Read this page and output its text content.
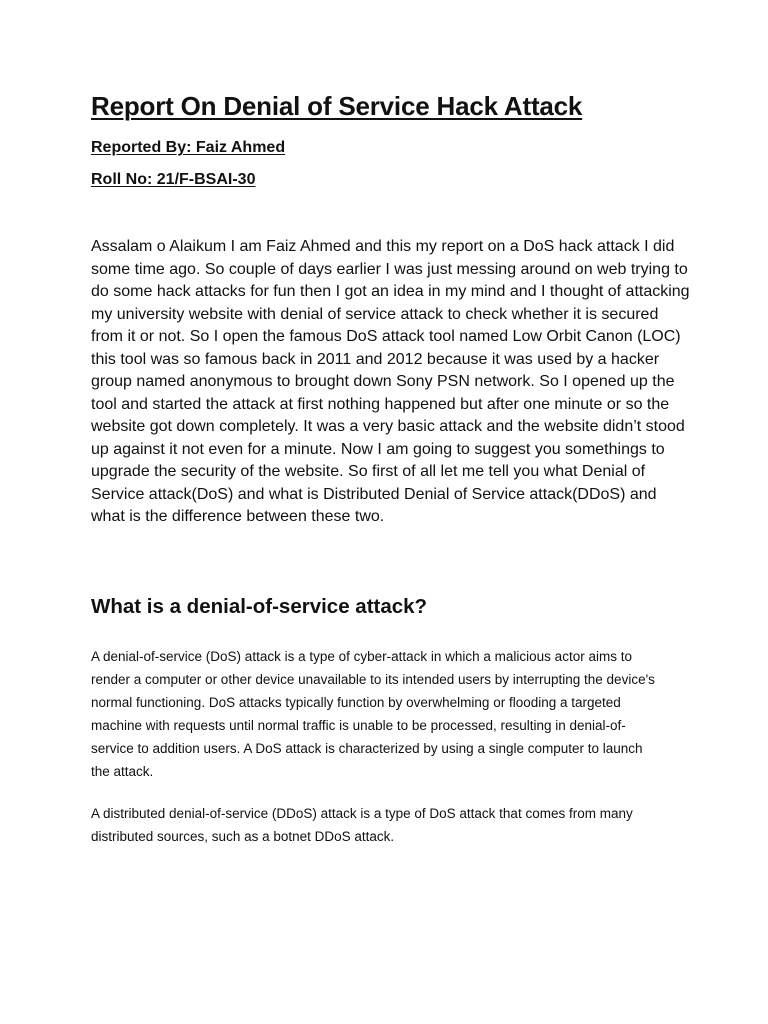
Report On Denial of Service Hack Attack

Reported By: Faiz Ahmed

Roll No: 21/F-BSAI-30

Assalam o Alaikum I am Faiz Ahmed and this my report on a DoS hack attack I did some time ago. So couple of days earlier I was just messing around on web trying to do some hack attacks for fun then I got an idea in my mind and I thought of attacking my university website with denial of service attack to check whether it is secured from it or not. So I open the famous DoS attack tool named Low Orbit Canon (LOC) this tool was so famous back in 2011 and 2012 because it was used by a hacker group named anonymous to brought down Sony PSN network. So I opened up the tool and started the attack at first nothing happened but after one minute or so the website got down completely. It was a very basic attack and the website didn’t stood up against it not even for a minute. Now I am going to suggest you somethings to upgrade the security of the website. So first of all let me tell you what Denial of Service attack(DoS) and what is Distributed Denial of Service attack(DDoS) and what is the difference between these two.

What is a denial-of-service attack?

A denial-of-service (DoS) attack is a type of cyber-attack in which a malicious actor aims to render a computer or other device unavailable to its intended users by interrupting the device's normal functioning. DoS attacks typically function by overwhelming or flooding a targeted machine with requests until normal traffic is unable to be processed, resulting in denial-of-service to addition users. A DoS attack is characterized by using a single computer to launch the attack.

A distributed denial-of-service (DDoS) attack is a type of DoS attack that comes from many distributed sources, such as a botnet DDoS attack.
